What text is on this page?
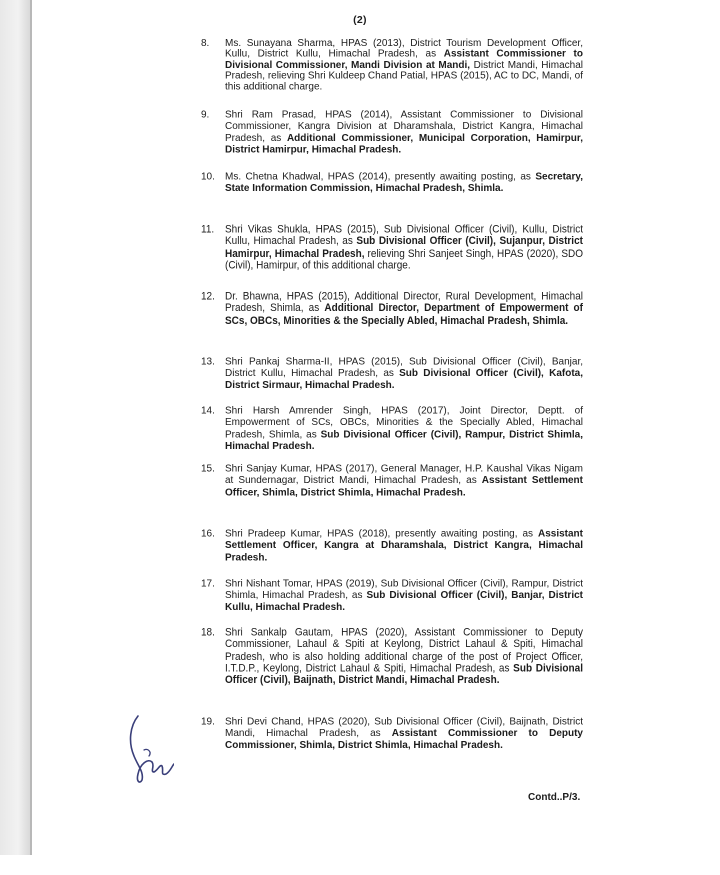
(2)
8.	Ms. Sunayana Sharma, HPAS (2013), District Tourism Development Officer, Kullu, District Kullu, Himachal Pradesh, as Assistant Commissioner to Divisional Commissioner, Mandi Division at Mandi, District Mandi, Himachal Pradesh, relieving Shri Kuldeep Chand Patial, HPAS (2015), AC to DC, Mandi, of this additional charge.
9.	Shri Ram Prasad, HPAS (2014), Assistant Commissioner to Divisional Commissioner, Kangra Division at Dharamshala, District Kangra, Himachal Pradesh, as Additional Commissioner, Municipal Corporation, Hamirpur, District Hamirpur, Himachal Pradesh.
10.	Ms. Chetna Khadwal, HPAS (2014), presently awaiting posting, as Secretary, State Information Commission, Himachal Pradesh, Shimla.
11.	Shri Vikas Shukla, HPAS (2015), Sub Divisional Officer (Civil), Kullu, District Kullu, Himachal Pradesh, as Sub Divisional Officer (Civil), Sujanpur, District Hamirpur, Himachal Pradesh, relieving Shri Sanjeet Singh, HPAS (2020), SDO (Civil), Hamirpur, of this additional charge.
12.	Dr. Bhawna, HPAS (2015), Additional Director, Rural Development, Himachal Pradesh, Shimla, as Additional Director, Department of Empowerment of SCs, OBCs, Minorities & the Specially Abled, Himachal Pradesh, Shimla.
13.	Shri Pankaj Sharma-II, HPAS (2015), Sub Divisional Officer (Civil), Banjar, District Kullu, Himachal Pradesh, as Sub Divisional Officer (Civil), Kafota, District Sirmaur, Himachal Pradesh.
14.	Shri Harsh Amrender Singh, HPAS (2017), Joint Director, Deptt. of Empowerment of SCs, OBCs, Minorities & the Specially Abled, Himachal Pradesh, Shimla, as Sub Divisional Officer (Civil), Rampur, District Shimla, Himachal Pradesh.
15.	Shri Sanjay Kumar, HPAS (2017), General Manager, H.P. Kaushal Vikas Nigam at Sundernagar, District Mandi, Himachal Pradesh, as Assistant Settlement Officer, Shimla, District Shimla, Himachal Pradesh.
16.	Shri Pradeep Kumar, HPAS (2018), presently awaiting posting, as Assistant Settlement Officer, Kangra at Dharamshala, District Kangra, Himachal Pradesh.
17.	Shri Nishant Tomar, HPAS (2019), Sub Divisional Officer (Civil), Rampur, District Shimla, Himachal Pradesh, as Sub Divisional Officer (Civil), Banjar, District Kullu, Himachal Pradesh.
18.	Shri Sankalp Gautam, HPAS (2020), Assistant Commissioner to Deputy Commissioner, Lahaul & Spiti at Keylong, District Lahaul & Spiti, Himachal Pradesh, who is also holding additional charge of the post of Project Officer, I.T.D.P., Keylong, District Lahaul & Spiti, Himachal Pradesh, as Sub Divisional Officer (Civil), Baijnath, District Mandi, Himachal Pradesh.
19.	Shri Devi Chand, HPAS (2020), Sub Divisional Officer (Civil), Baijnath, District Mandi, Himachal Pradesh, as Assistant Commissioner to Deputy Commissioner, Shimla, District Shimla, Himachal Pradesh.
Contd..P/3.
